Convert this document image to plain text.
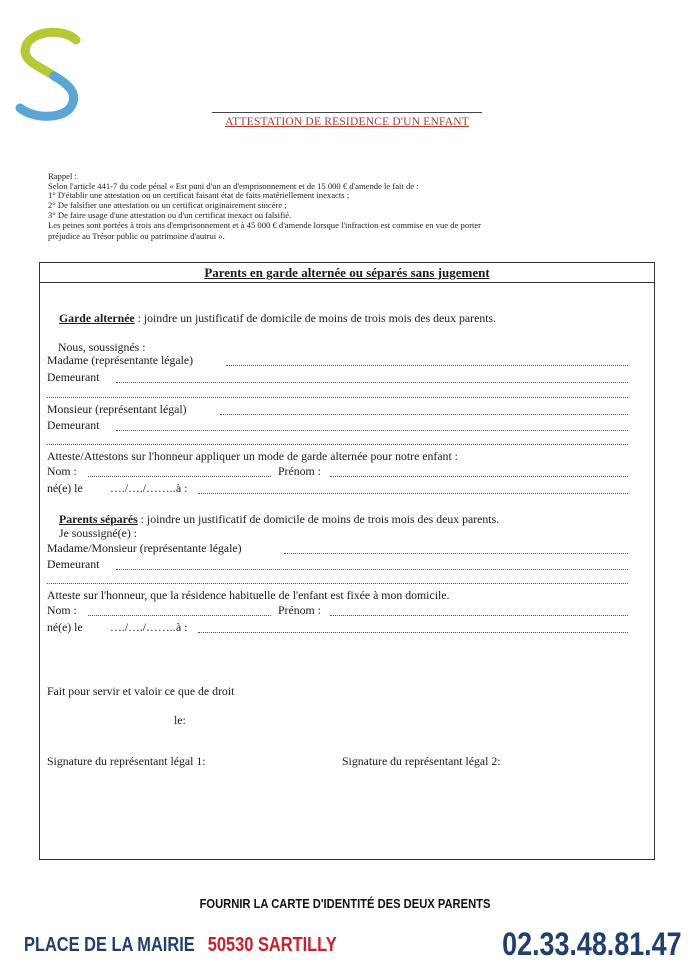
ATTESTATION DE RESIDENCE D'UN ENFANT
Rappel :
Selon l'article 441-7 du code pénal « Est puni d'un an d'emprisonnement et de 15 000 € d'amende le fait de :
1° D'établir une attestation ou un certificat faisant état de faits matériellement inexacts ;
2° De falsifier une attestation ou un certificat originairement sincère ;
3° De faire usage d'une attestation ou d'un certificat inexact ou falsifié.
Les peines sont portées à trois ans d'emprisonnement et à 45 000 € d'amende lorsque l'infraction est commise en vue de porter
préjudice au Trésor public ou patrimoine d'autrui ».
Parents en garde alternée ou séparés sans jugement
Garde alternée : joindre un justificatif de domicile de moins de trois mois des deux parents.
Nous, soussignés :
Madame (représentante légale)
Demeurant
Monsieur (représentant légal)
Demeurant
Atteste/Attestons sur l'honneur appliquer un mode de garde alternée pour notre enfant :
Nom :	Prénom :
né(e) le …./…./…….. à :
Parents séparés : joindre un justificatif de domicile de moins de trois mois des deux parents.
Je soussigné(e) :
Madame/Monsieur (représentante légale)
Demeurant
Atteste sur l'honneur, que la résidence habituelle de l'enfant est fixée à mon domicile.
Nom :	Prénom :
né(e) le …./…./…….. à :
Fait pour servir et valoir ce que de droit
le:
Signature du représentant légal 1:	Signature du représentant légal 2:
FOURNIR LA CARTE D'IDENTITÉ DES DEUX PARENTS
PLACE DE LA MAIRIE 50530 SARTILLY	02.33.48.81.47
